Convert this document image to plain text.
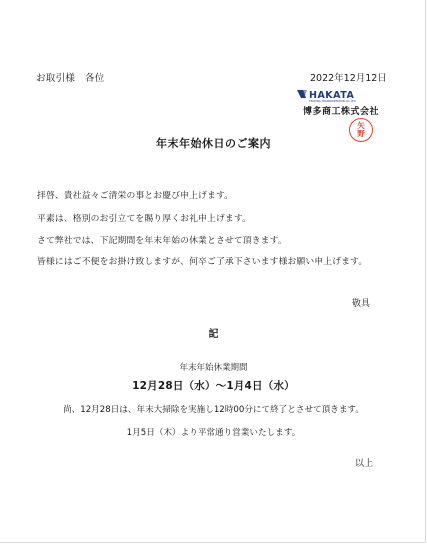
お取引様　各位	2022年12月12日
HAKATA
TRADING TRANSPORTATION CO.,LTD.
博多商工株式会社
矢
野
年末年始休日のご案内
拝啓、貴社益々ご清栄の事とお慶び申上げます。
平素は、格別のお引立てを賜り厚くお礼申上げます。
さて弊社では、下記期間を年末年始の休業とさせて頂きます。
皆様にはご不便をお掛け致しますが、何卒ご了承下さいます様お願い申上げます。
敬具
記
年末年始休業期間
12月28日（水）～1月4日（水）
尚、12月28日は、年末大掃除を実施し12時00分にて終了とさせて頂きます。
1月5日（木）より平常通り営業いたします。
以上
